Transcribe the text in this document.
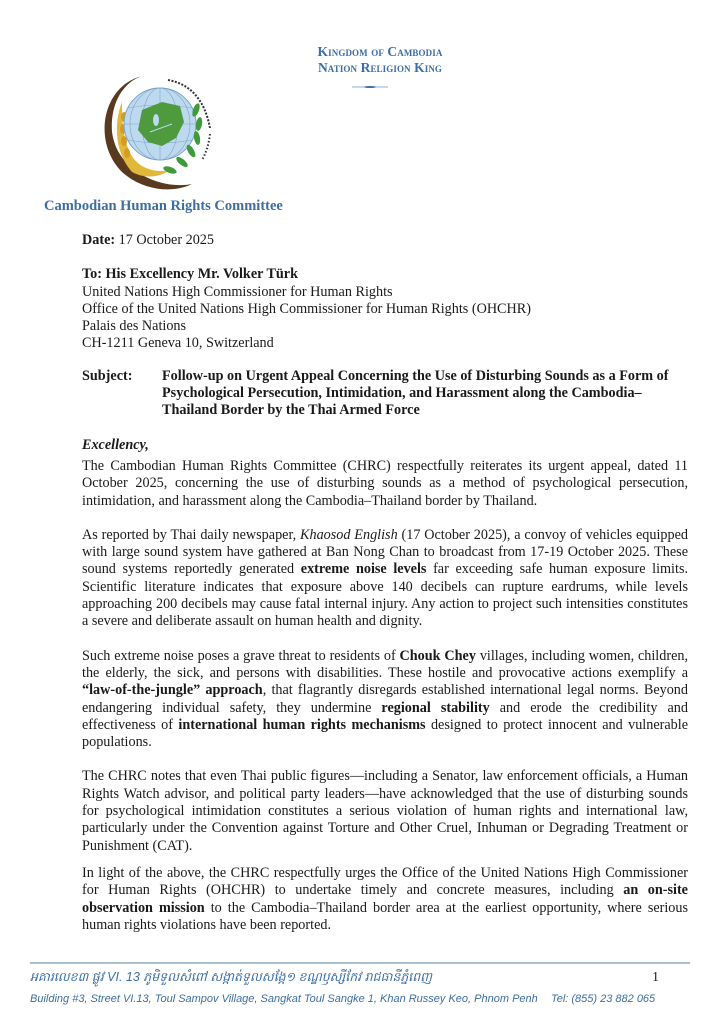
Kingdom of Cambodia
Nation Religion King
Cambodian Human Rights Committee
Date: 17 October 2025
To: His Excellency Mr. Volker Türk
United Nations High Commissioner for Human Rights
Office of the United Nations High Commissioner for Human Rights (OHCHR)
Palais des Nations
CH-1211 Geneva 10, Switzerland
Subject:	Follow-up on Urgent Appeal Concerning the Use of Disturbing Sounds as a Form of Psychological Persecution, Intimidation, and Harassment along the Cambodia–Thailand Border by the Thai Armed Force
Excellency,

The Cambodian Human Rights Committee (CHRC) respectfully reiterates its urgent appeal, dated 11 October 2025, concerning the use of disturbing sounds as a method of psychological persecution, intimidation, and harassment along the Cambodia–Thailand border by Thailand.

As reported by Thai daily newspaper, Khaosod English (17 October 2025), a convoy of vehicles equipped with large sound system have gathered at Ban Nong Chan to broadcast from 17-19 October 2025. These sound systems reportedly generated extreme noise levels far exceeding safe human exposure limits. Scientific literature indicates that exposure above 140 decibels can rupture eardrums, while levels approaching 200 decibels may cause fatal internal injury. Any action to project such intensities constitutes a severe and deliberate assault on human health and dignity.

Such extreme noise poses a grave threat to residents of Chouk Chey villages, including women, children, the elderly, the sick, and persons with disabilities. These hostile and provocative actions exemplify a “law-of-the-jungle” approach, that flagrantly disregards established international legal norms. Beyond endangering individual safety, they undermine regional stability and erode the credibility and effectiveness of international human rights mechanisms designed to protect innocent and vulnerable populations.

The CHRC notes that even Thai public figures—including a Senator, law enforcement officials, a Human Rights Watch advisor, and political party leaders—have acknowledged that the use of disturbing sounds for psychological intimidation constitutes a serious violation of human rights and international law, particularly under the Convention against Torture and Other Cruel, Inhuman or Degrading Treatment or Punishment (CAT).

In light of the above, the CHRC respectfully urges the Office of the United Nations High Commissioner for Human Rights (OHCHR) to undertake timely and concrete measures, including an on-site observation mission to the Cambodia–Thailand border area at the earliest opportunity, where serious human rights violations have been reported.

អគារលេខ៣ ផ្លូវ VI. 13 ភូមិទួលសំពៅ សង្កាត់ទួលសង្កែ១ ខណ្ឌឫស្សីកែវ រាជធានីភ្នំពេញ	1
Building #3, Street VI.13, Toul Sampov Village, Sangkat Toul Sangke 1, Khan Russey Keo, Phnom Penh Tel: (855) 23 882 065
